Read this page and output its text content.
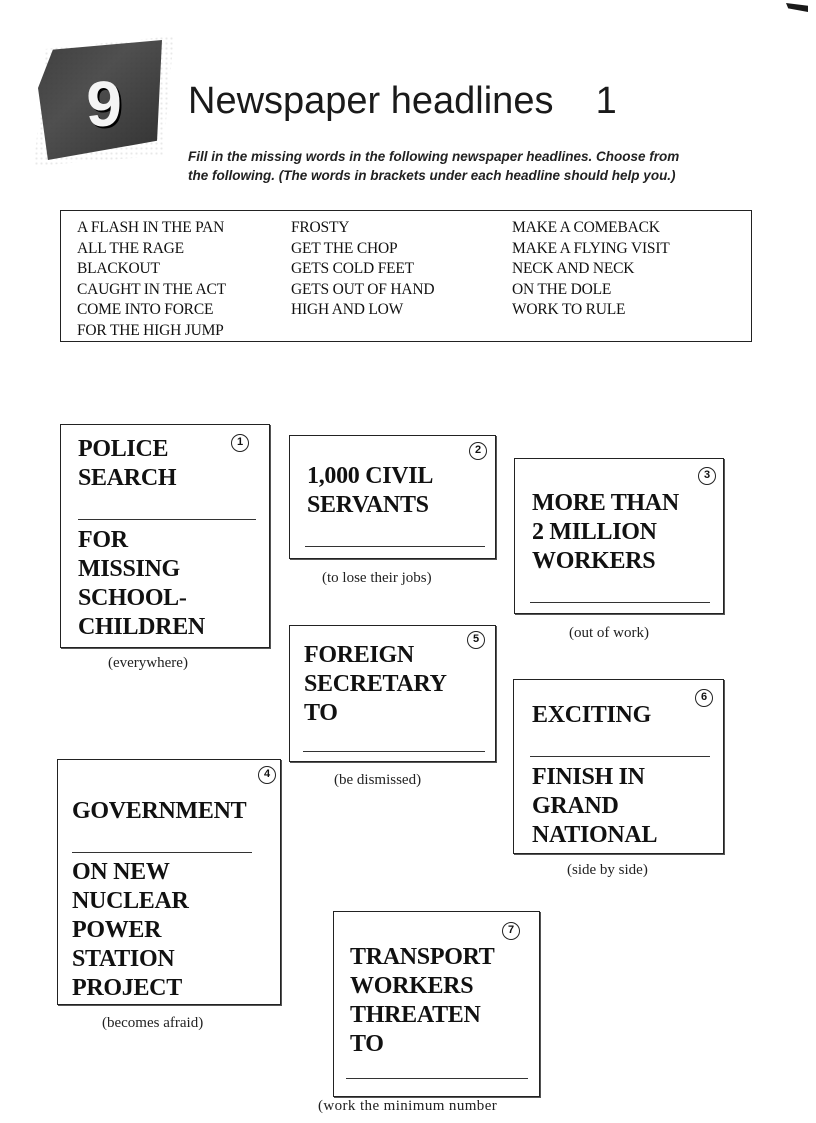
9 Newspaper headlines    1
Fill in the missing words in the following newspaper headlines. Choose from
the following. (The words in brackets under each headline should help you.)
A FLASH IN THE PAN
ALL THE RAGE
BLACKOUT
CAUGHT IN THE ACT
COME INTO FORCE
FOR THE HIGH JUMP
FROSTY
GET THE CHOP
GETS COLD FEET
GETS OUT OF HAND
HIGH AND LOW
MAKE A COMEBACK
MAKE A FLYING VISIT
NECK AND NECK
ON THE DOLE
WORK TO RULE
1
POLICE
SEARCH
FOR
MISSING
SCHOOL-
CHILDREN
(everywhere)
2
1,000 CIVIL
SERVANTS
(to lose their jobs)
3
MORE THAN
2 MILLION
WORKERS
(out of work)
4
GOVERNMENT
ON NEW
NUCLEAR
POWER
STATION
PROJECT
(becomes afraid)
5
FOREIGN
SECRETARY
TO
(be dismissed)
6
EXCITING
FINISH IN
GRAND
NATIONAL
(side by side)
7
TRANSPORT
WORKERS
THREATEN
TO
(work the minimum number
